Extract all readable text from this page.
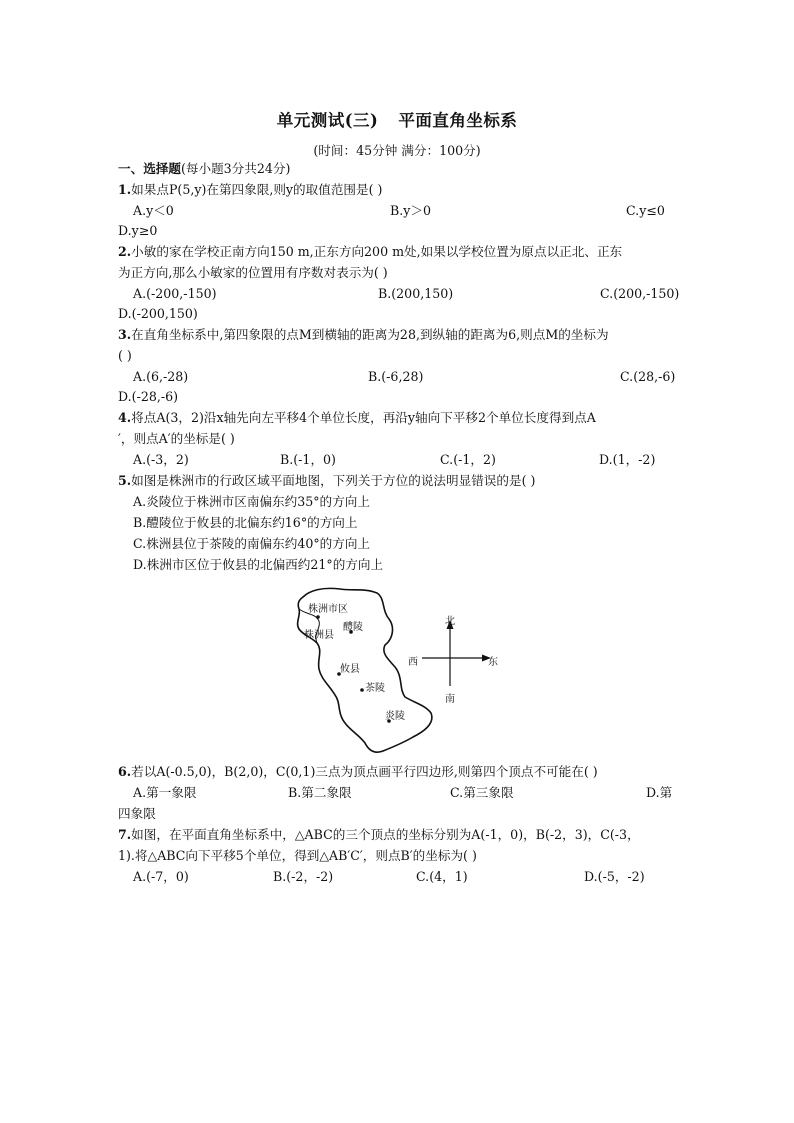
单元测试(三) 平面直角坐标系
(时间：45分钟 满分：100分)
一、选择题(每小题3分共24分)
1.如果点P(5,y)在第四象限,则y的取值范围是( )
A.y＜0	B.y＞0	C.y≤0
D.y≥0
2.小敏的家在学校正南方向150 m,正东方向200 m处,如果以学校位置为原点以正北、正东
为正方向,那么小敏家的位置用有序数对表示为( )
A.(-200,-150)	B.(200,150)	C.(200,-150)
D.(-200,150)
3.在直角坐标系中,第四象限的点M到横轴的距离为28,到纵轴的距离为6,则点M的坐标为
( )
A.(6,-28)	B.(-6,28)	C.(28,-6)
D.(-28,-6)
4.将点A(3，2)沿x轴先向左平移4个单位长度，再沿y轴向下平移2个单位长度得到点A
′，则点A′的坐标是( )
A.(-3，2)	B.(-1，0)	C.(-1，2)	D.(1，-2)
5.如图是株洲市的行政区域平面地图，下列关于方位的说法明显错误的是( )
A.炎陵位于株洲市区南偏东约35°的方向上
B.醴陵位于攸县的北偏东约16°的方向上
C.株洲县位于茶陵的南偏东约40°的方向上
D.株洲市区位于攸县的北偏西约21°的方向上
株洲市区
株洲县
醴陵
攸县
茶陵
炎陵
北
南
东
西
6.若以A(-0.5,0)，B(2,0)，C(0,1)三点为顶点画平行四边形,则第四个顶点不可能在( )
A.第一象限	B.第二象限	C.第三象限	D.第
四象限
7.如图，在平面直角坐标系中，△ABC的三个顶点的坐标分别为A(-1，0)，B(-2，3)，C(-3，
1).将△ABC向下平移5个单位，得到△AB′C′，则点B′的坐标为( )
A.(-7，0)	B.(-2，-2)	C.(4，1)	D.(-5，-2)
